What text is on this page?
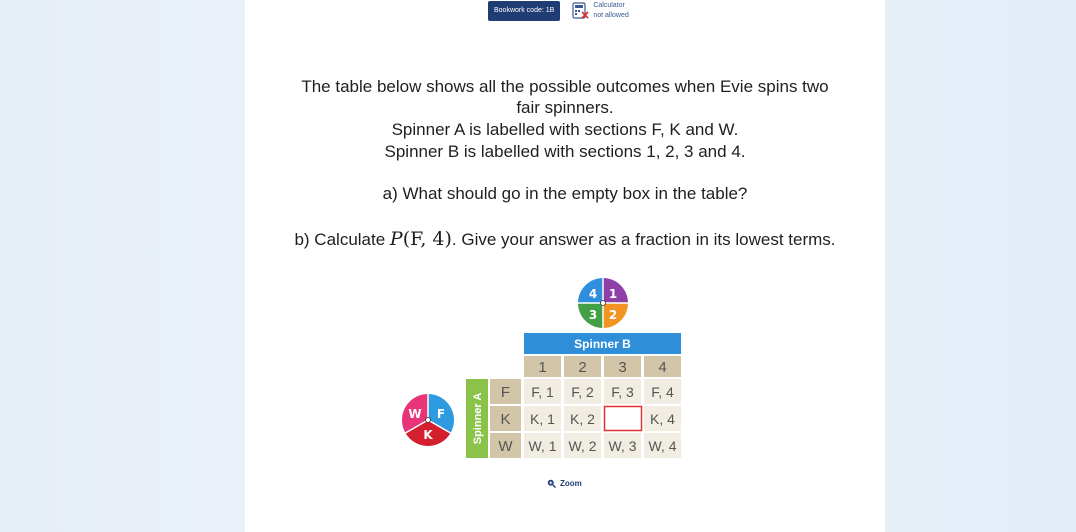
Bookwork code: 1B
Calculator
not allowed
The table below shows all the possible outcomes when Evie spins two
fair spinners.
Spinner A is labelled with sections F, K and W.
Spinner B is labelled with sections 1, 2, 3 and 4.
a) What should go in the empty box in the table?
b) Calculate P(F, 4). Give your answer as a fraction in its lowest terms.
4 1
3 2
W F
K
Spinner B
1 2 3 4
Spinner A
F
K
W
F, 1 F, 2 F, 3 F, 4
K, 1 K, 2	K, 4
W, 1 W, 2 W, 3 W, 4
Zoom
